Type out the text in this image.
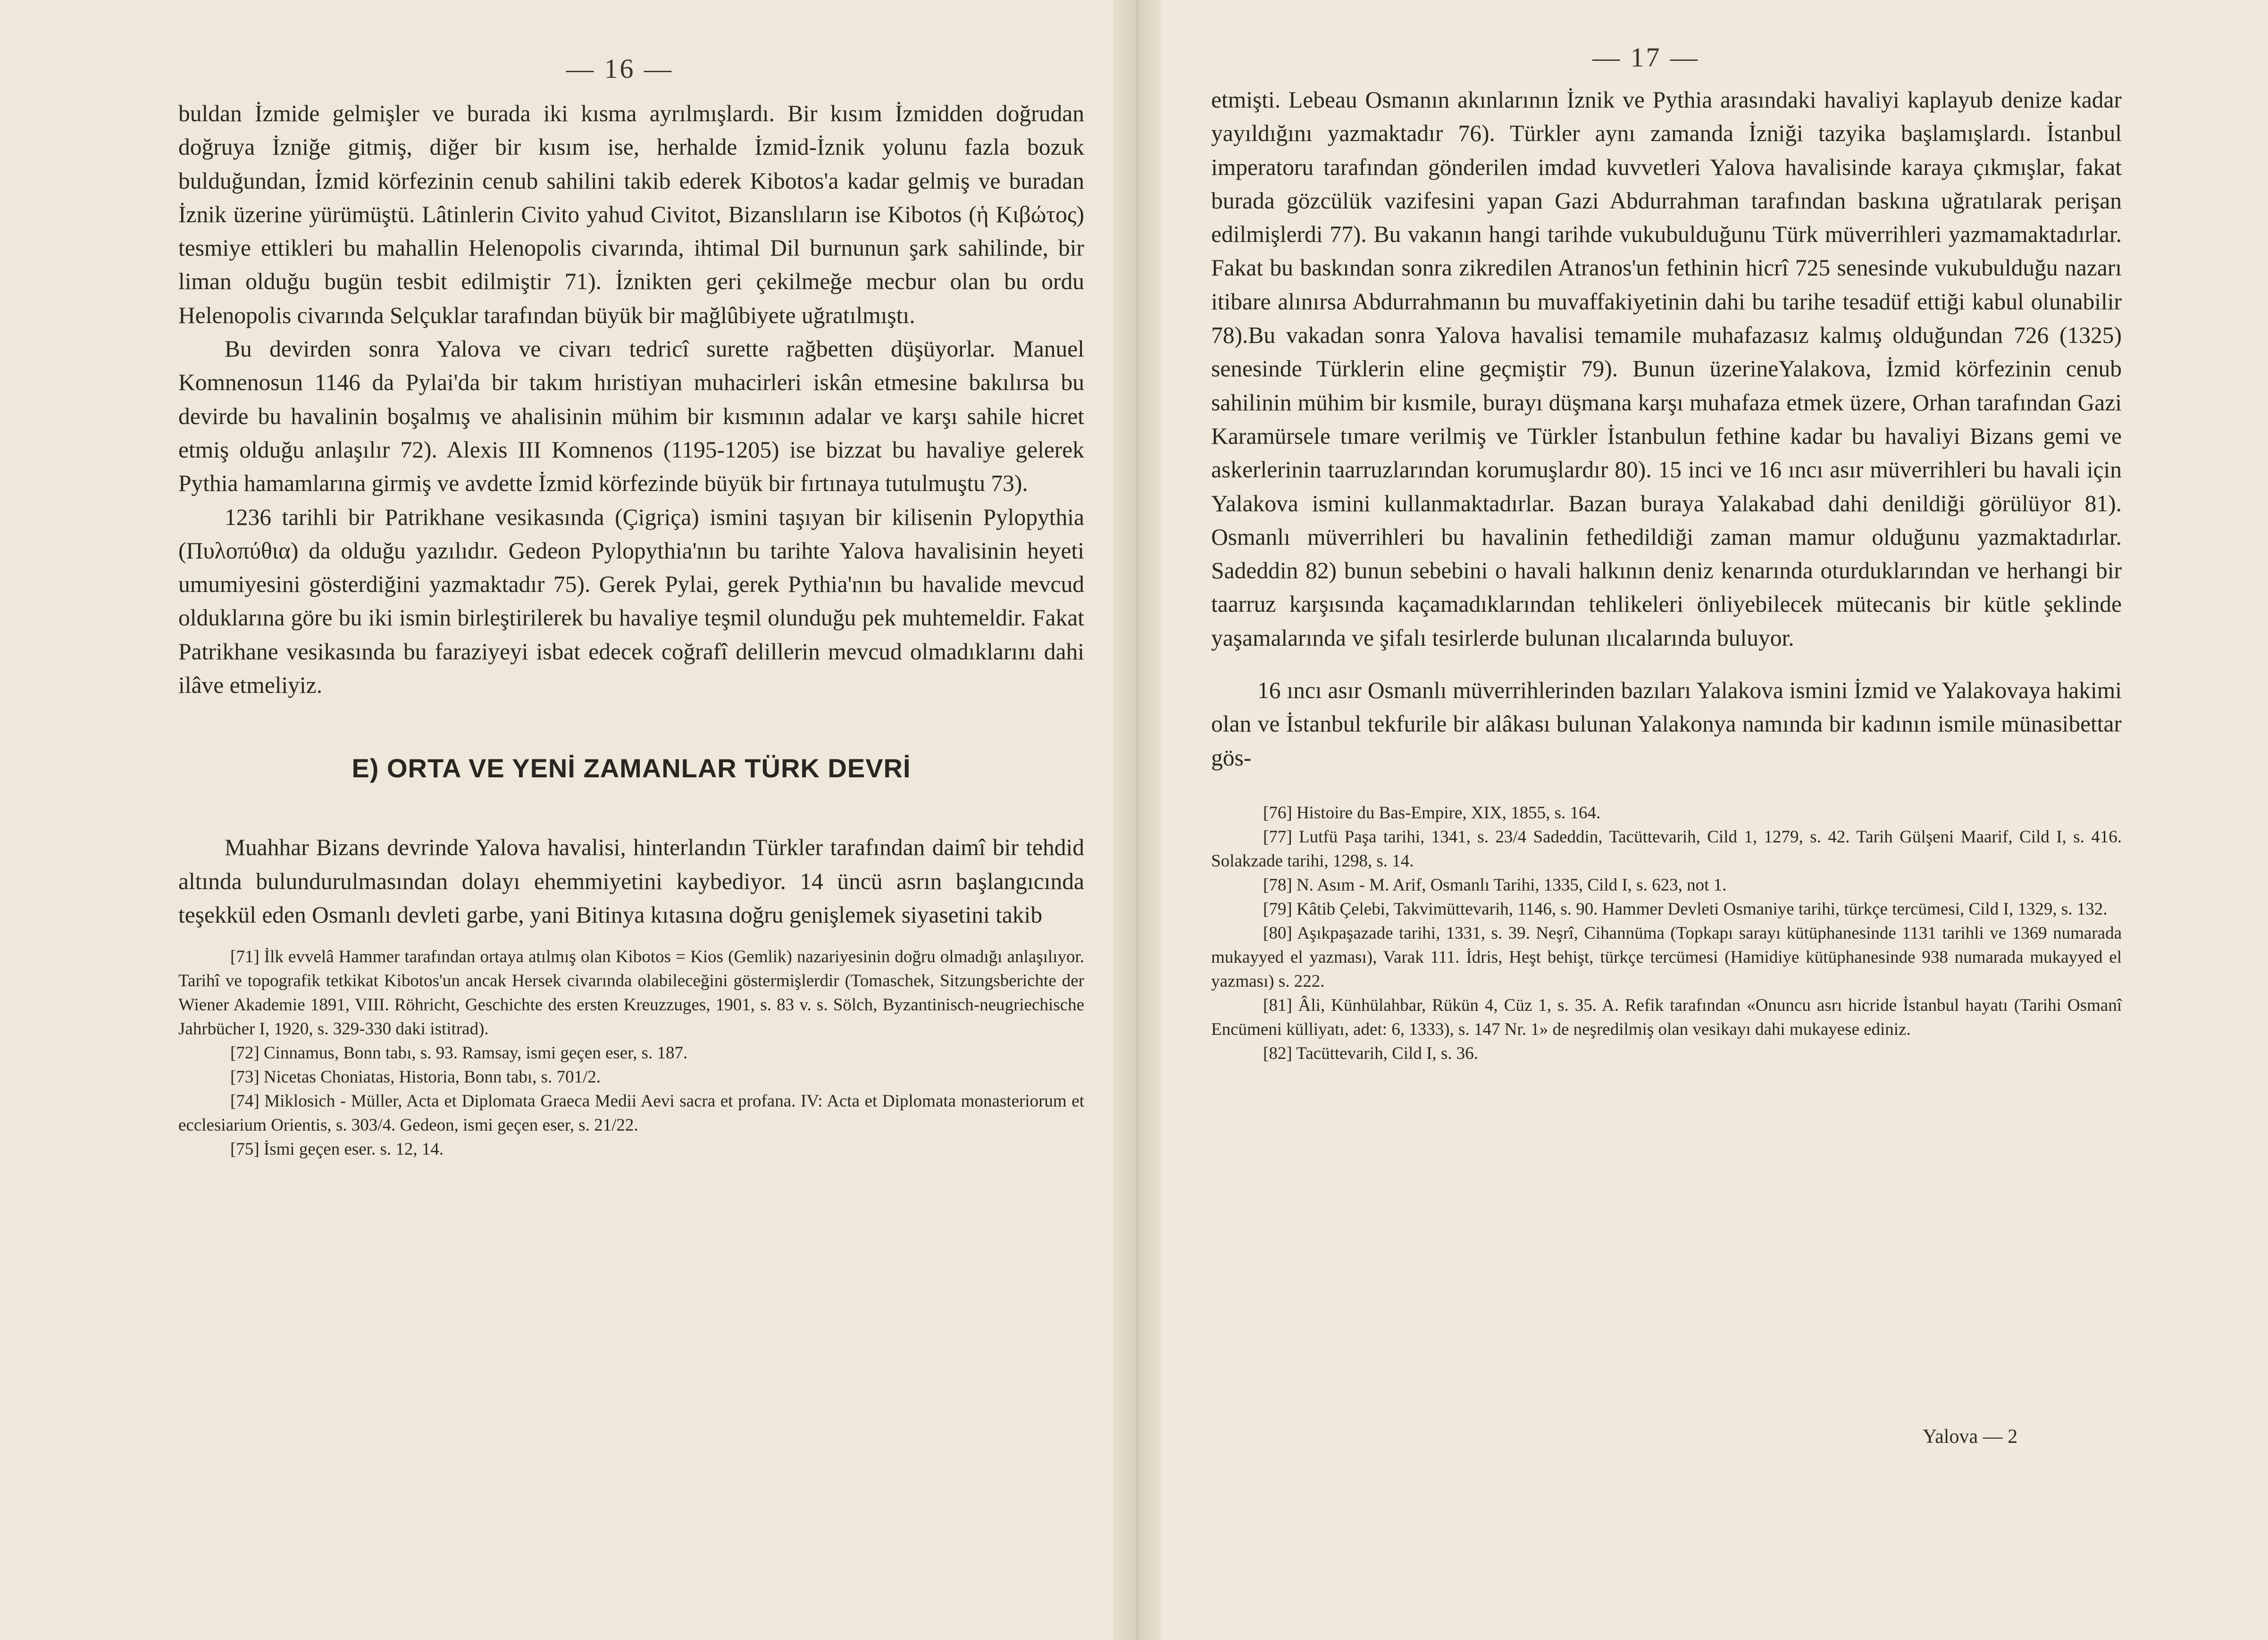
— 16 —

buldan İzmide gelmişler ve burada iki kısma ayrılmışlardı. Bir kısım İzmidden doğrudan doğruya İzniğe gitmiş, diğer bir kısım ise, herhalde İzmid-İznik yolunu fazla bozuk bulduğundan, İzmid körfezinin cenub sahilini takib ederek Kibotos'a kadar gelmiş ve buradan İznik üzerine yürümüştü. Lâtinlerin Civito yahud Civitot, Bizanslıların ise Kibotos (ἡ Κιβώτος) tesmiye ettikleri bu mahallin Helenopolis civarında, ihtimal Dil burnunun şark sahilinde, bir liman olduğu bugün tesbit edilmiştir 71). İznikten geri çekilmeğe mecbur olan bu ordu Helenopolis civarında Selçuklar tarafından büyük bir mağlûbiyete uğratılmıştı.

Bu devirden sonra Yalova ve civarı tedricî surette rağbetten düşüyorlar. Manuel Komnenosun 1146 da Pylai'da bir takım hıristiyan muhacirleri iskân etmesine bakılırsa bu devirde bu havalinin boşalmış ve ahalisinin mühim bir kısmının adalar ve karşı sahile hicret etmiş olduğu anlaşılır 72). Alexis III Komnenos (1195-1205) ise bizzat bu havaliye gelerek Pythia hamamlarına girmiş ve avdette İzmid körfezinde büyük bir fırtınaya tutulmuştu 73).

1236 tarihli bir Patrikhane vesikasında (Çigriça) ismini taşıyan bir kilisenin Pylopythia (Πυλοπύθια) da olduğu yazılıdır. Gedeon Pylopythia'nın bu tarihte Yalova havalisinin heyeti umumiyesini gösterdiğini yazmaktadır 75). Gerek Pylai, gerek Pythia'nın bu havalide mevcud olduklarına göre bu iki ismin birleştirilerek bu havaliye teşmil olunduğu pek muhtemeldir. Fakat Patrikhane vesikasında bu faraziyeyi isbat edecek coğrafî delillerin mevcud olmadıklarını dahi ilâve etmeliyiz.

E) ORTA VE YENİ ZAMANLAR TÜRK DEVRİ

Muahhar Bizans devrinde Yalova havalisi, hinterlandın Türkler tarafından daimî bir tehdid altında bulundurulmasından dolayı ehemmiyetini kaybediyor. 14 üncü asrın başlangıcında teşekkül eden Osmanlı devleti garbe, yani Bitinya kıtasına doğru genişlemek siyasetini takib

[71] İlk evvelâ Hammer tarafından ortaya atılmış olan Kibotos = Kios (Gemlik) nazariyesinin doğru olmadığı anlaşılıyor. Tarihî ve topografik tetkikat Kibotos'un ancak Hersek civarında olabileceğini göstermişlerdir (Tomaschek, Sitzungsberichte der Wiener Akademie 1891, VIII. Röhricht, Geschichte des ersten Kreuzzuges, 1901, s. 83 v. s. Sölch, Byzantinisch-neugriechische Jahrbücher I, 1920, s. 329-330 daki istitrad).

[72] Cinnamus, Bonn tabı, s. 93. Ramsay, ismi geçen eser, s. 187.

[73] Nicetas Choniatas, Historia, Bonn tabı, s. 701/2.

[74] Miklosich - Müller, Acta et Diplomata Graeca Medii Aevi sacra et profana. IV: Acta et Diplomata monasteriorum et ecclesiarium Orientis, s. 303/4. Gedeon, ismi geçen eser, s. 21/22.

[75] İsmi geçen eser. s. 12, 14.

— 17 —

etmişti. Lebeau Osmanın akınlarının İznik ve Pythia arasındaki havaliyi kaplayub denize kadar yayıldığını yazmaktadır 76). Türkler aynı zamanda İzniği tazyika başlamışlardı. İstanbul imperatoru tarafından gönderilen imdad kuvvetleri Yalova havalisinde karaya çıkmışlar, fakat burada gözcülük vazifesini yapan Gazi Abdurrahman tarafından baskına uğratılarak perişan edilmişlerdi 77). Bu vakanın hangi tarihde vukubulduğunu Türk müverrihleri yazmamaktadırlar. Fakat bu baskından sonra zikredilen Atranos'un fethinin hicrî 725 senesinde vukubulduğu nazarı itibare alınırsa Abdurrahmanın bu muvaffakiyetinin dahi bu tarihe tesadüf ettiği kabul olunabilir 78).Bu vakadan sonra Yalova havalisi temamile muhafazasız kalmış olduğundan 726 (1325) senesinde Türklerin eline geçmiştir 79). Bunun üzerineYalakova, İzmid körfezinin cenub sahilinin mühim bir kısmile, burayı düşmana karşı muhafaza etmek üzere, Orhan tarafından Gazi Karamürsele tımare verilmiş ve Türkler İstanbulun fethine kadar bu havaliyi Bizans gemi ve askerlerinin taarruzlarından korumuşlardır 80). 15 inci ve 16 ıncı asır müverrihleri bu havali için Yalakova ismini kullanmaktadırlar. Bazan buraya Yalakabad dahi denildiği görülüyor 81). Osmanlı müverrihleri bu havalinin fethedildiği zaman mamur olduğunu yazmaktadırlar. Sadeddin 82) bunun sebebini o havali halkının deniz kenarında oturduklarından ve herhangi bir taarruz karşısında kaçamadıklarından tehlikeleri önliyebilecek mütecanis bir kütle şeklinde yaşamalarında ve şifalı tesirlerde bulunan ılıcalarında buluyor.

16 ıncı asır Osmanlı müverrihlerinden bazıları Yalakova ismini İzmid ve Yalakovaya hakimi olan ve İstanbul tekfurile bir alâkası bulunan Yalakonya namında bir kadının ismile münasibettar gös-

[76] Histoire du Bas-Empire, XIX, 1855, s. 164.

[77] Lutfü Paşa tarihi, 1341, s. 23/4 Sadeddin, Tacüttevarih, Cild 1, 1279, s. 42. Tarih Gülşeni Maarif, Cild I, s. 416. Solakzade tarihi, 1298, s. 14.

[78] N. Asım - M. Arif, Osmanlı Tarihi, 1335, Cild I, s. 623, not 1.

[79] Kâtib Çelebi, Takvimüttevarih, 1146, s. 90. Hammer Devleti Osmaniye tarihi, türkçe tercümesi, Cild I, 1329, s. 132.

[80] Aşıkpaşazade tarihi, 1331, s. 39. Neşrî, Cihannüma (Topkapı sarayı kütüphanesinde 1131 tarihli ve 1369 numarada mukayyed el yazması), Varak 111. İdris, Heşt behişt, türkçe tercümesi (Hamidiye kütüphanesinde 938 numarada mukayyed el yazması) s. 222.

[81] Âli, Künhülahbar, Rükün 4, Cüz 1, s. 35. A. Refik tarafından «Onuncu asrı hicride İstanbul hayatı (Tarihi Osmanî Encümeni külliyatı, adet: 6, 1333), s. 147 Nr. 1» de neşredilmiş olan vesikayı dahi mukayese ediniz.

[82] Tacüttevarih, Cild I, s. 36.

Yalova — 2
